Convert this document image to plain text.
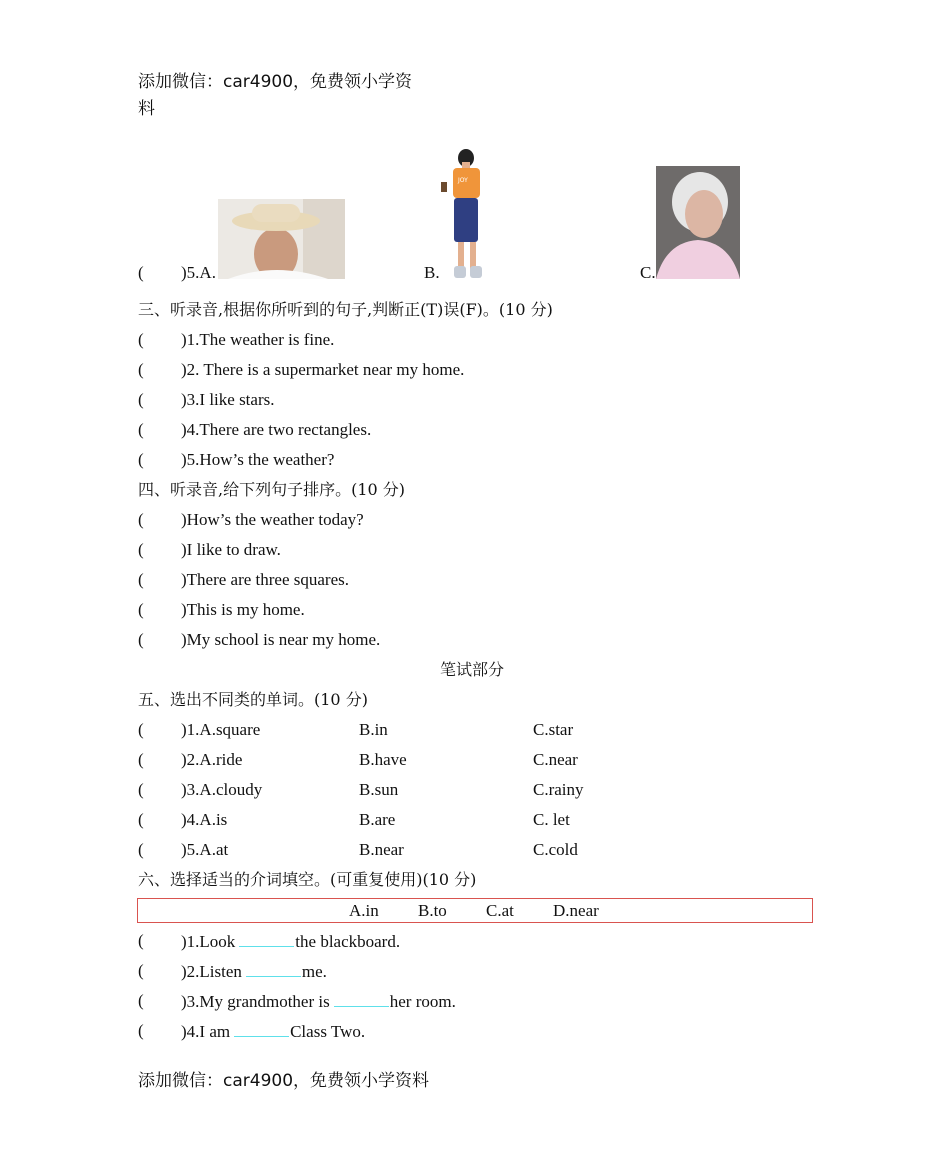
添加微信：car4900，免费领小学资
料
( )5.A.	B.	C.
JOY
三、听录音,根据你所听到的句子,判断正(T)误(F)。(10 分)
四、听录音,给下列句子排序。(10 分)
笔试部分
五、选出不同类的单词。(10 分)
六、选择适当的介词填空。(可重复使用)(10 分)
A.in B.to C.at D.near
添加微信：car4900，免费领小学资料
( )1.The weather is fine.
( )2. There is a supermarket near my home.
( )3.I like stars.
( )4.There are two rectangles.
( )5.How’s the weather?
( )How’s the weather today?
( )I like to draw.
( )There are three squares.
( )This is my home.
( )My school is near my home.
( )1.A.square	B.in	C.star
( )2.A.ride	B.have	C.near
( )3.A.cloudy	B.sun	C.rainy
( )4.A.is	B.are	C. let
( )5.A.at	B.near	C.cold
( )1.Look	the blackboard.
( )2.Listen	me.
( )3.My grandmother is	her room.
( )4.I am	Class Two.
